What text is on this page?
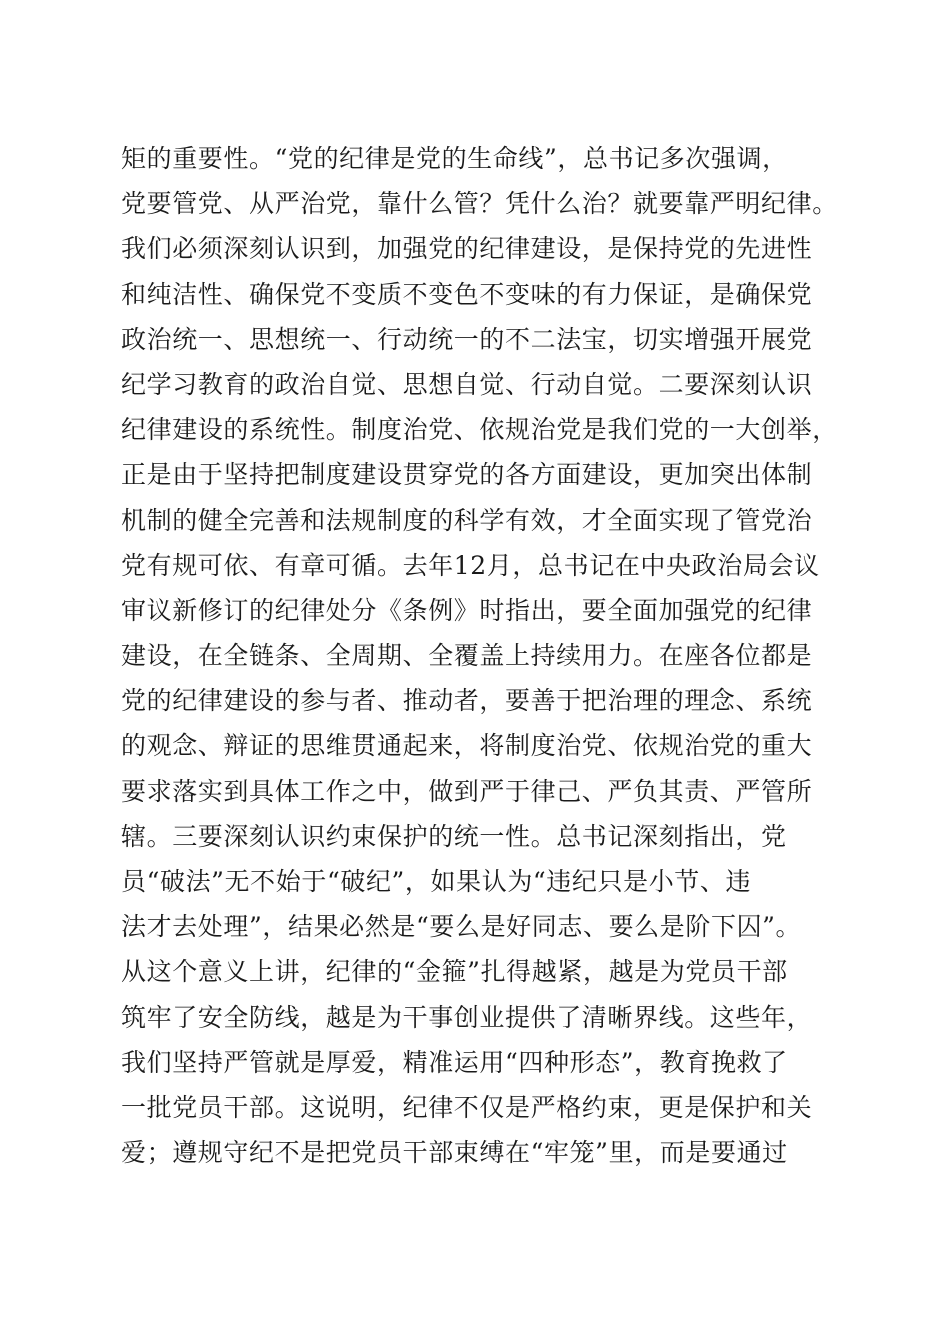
矩的重要性。“党的纪律是党的生命线”，总书记多次强调，
党要管党、从严治党，靠什么管？凭什么治？就要靠严明纪律。
我们必须深刻认识到，加强党的纪律建设，是保持党的先进性
和纯洁性、确保党不变质不变色不变味的有力保证，是确保党
政治统一、思想统一、行动统一的不二法宝，切实增强开展党
纪学习教育的政治自觉、思想自觉、行动自觉。二要深刻认识
纪律建设的系统性。制度治党、依规治党是我们党的一大创举，
正是由于坚持把制度建设贯穿党的各方面建设，更加突出体制
机制的健全完善和法规制度的科学有效，才全面实现了管党治
党有规可依、有章可循。去年12月，总书记在中央政治局会议
审议新修订的纪律处分《条例》时指出，要全面加强党的纪律
建设，在全链条、全周期、全覆盖上持续用力。在座各位都是
党的纪律建设的参与者、推动者，要善于把治理的理念、系统
的观念、辩证的思维贯通起来，将制度治党、依规治党的重大
要求落实到具体工作之中，做到严于律己、严负其责、严管所
辖。三要深刻认识约束保护的统一性。总书记深刻指出，党
员“破法”无不始于“破纪”，如果认为“违纪只是小节、违
法才去处理”，结果必然是“要么是好同志、要么是阶下囚”。
从这个意义上讲，纪律的“金箍”扎得越紧，越是为党员干部
筑牢了安全防线，越是为干事创业提供了清晰界线。这些年，
我们坚持严管就是厚爱，精准运用“四种形态”，教育挽救了
一批党员干部。这说明，纪律不仅是严格约束，更是保护和关
爱；遵规守纪不是把党员干部束缚在“牢笼”里，而是要通过
